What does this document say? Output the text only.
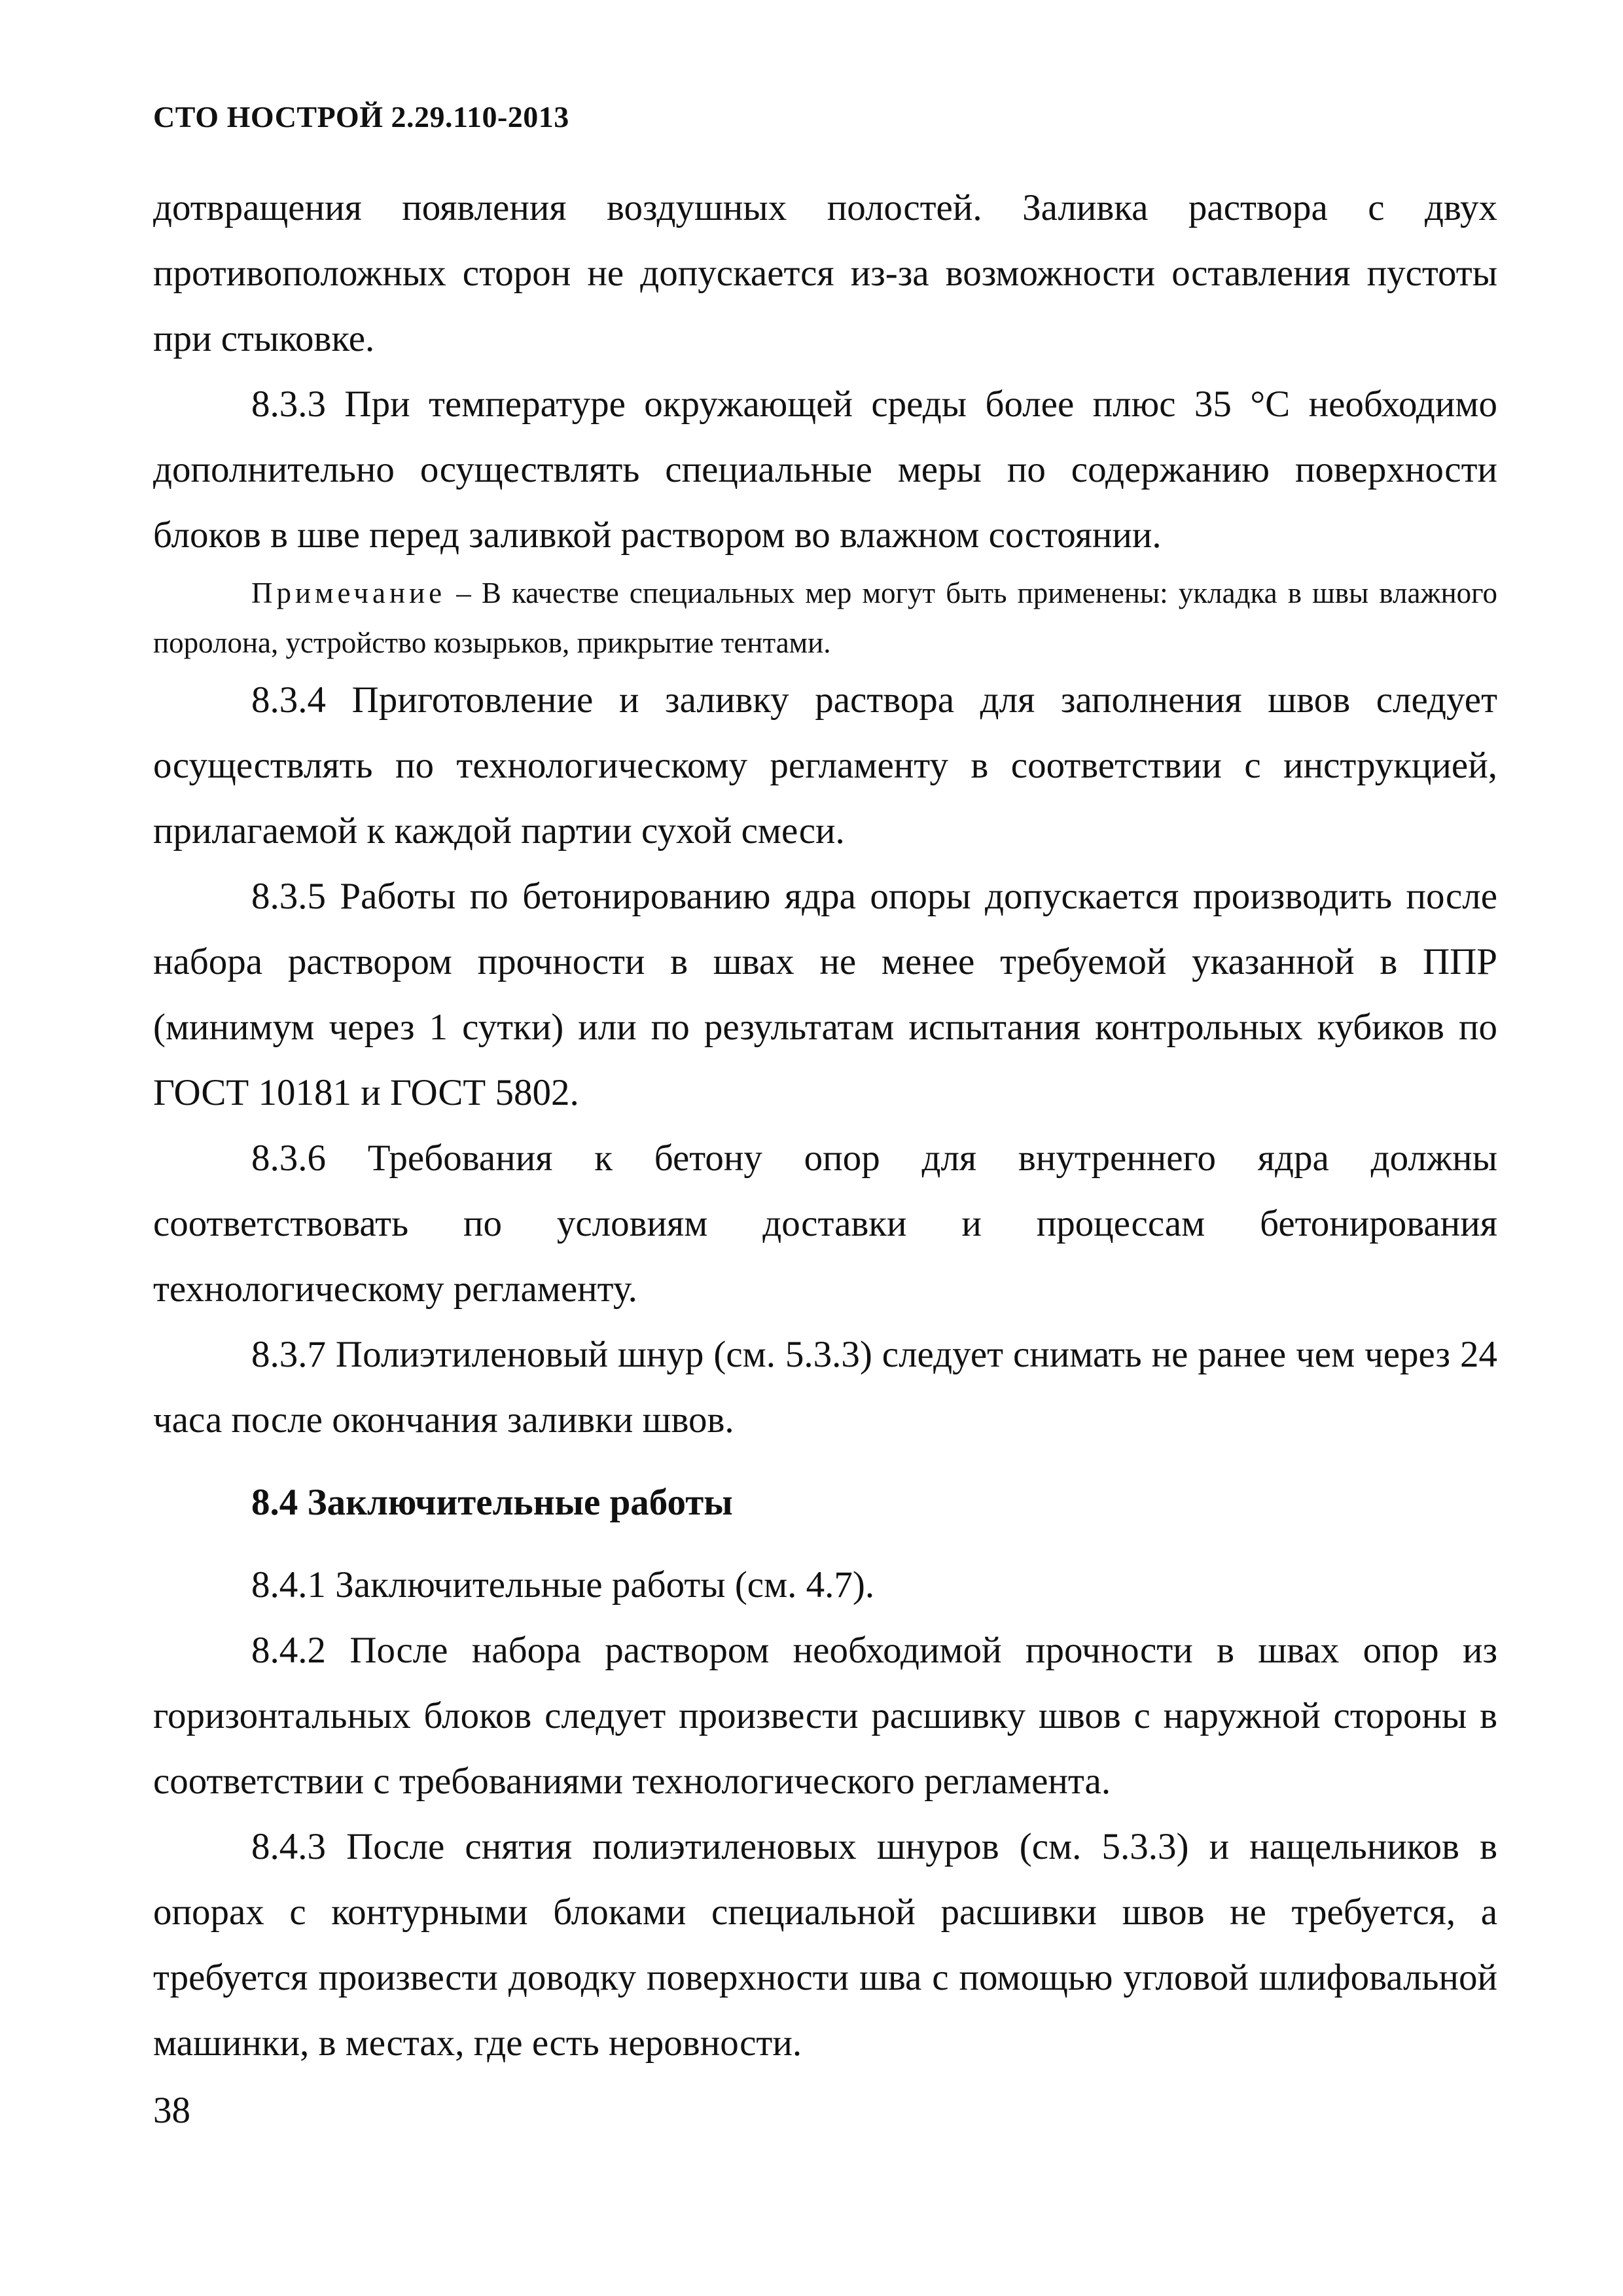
СТО НОСТРОЙ 2.29.110-2013

дотвращения появления воздушных полостей. Заливка раствора с двух противоположных сторон не допускается из-за возможности оставления пустоты при стыковке.

8.3.3 При температуре окружающей среды более плюс 35 °С необходимо дополнительно осуществлять специальные меры по содержанию поверхности блоков в шве перед заливкой раствором во влажном состоянии.

Примечание – В качестве специальных мер могут быть применены: укладка в швы влажного поролона, устройство козырьков, прикрытие тентами.

8.3.4 Приготовление и заливку раствора для заполнения швов следует осуществлять по технологическому регламенту в соответствии с инструкцией, прилагаемой к каждой партии сухой смеси.

8.3.5 Работы по бетонированию ядра опоры допускается производить после набора раствором прочности в швах не менее требуемой указанной в ППР (минимум через 1 сутки) или по результатам испытания контрольных кубиков по ГОСТ 10181 и ГОСТ 5802.

8.3.6 Требования к бетону опор для внутреннего ядра должны соответствовать по условиям доставки и процессам бетонирования технологическому регламенту.

8.3.7 Полиэтиленовый шнур (см. 5.3.3) следует снимать не ранее чем через 24 часа после окончания заливки швов.

8.4 Заключительные работы

8.4.1 Заключительные работы (см. 4.7).

8.4.2 После набора раствором необходимой прочности в швах опор из горизонтальных блоков следует произвести расшивку швов с наружной стороны в соответствии с требованиями технологического регламента.

8.4.3 После снятия полиэтиленовых шнуров (см. 5.3.3) и нащельников в опорах с контурными блоками специальной расшивки швов не требуется, а требуется произвести доводку поверхности шва с помощью угловой шлифовальной машинки, в местах, где есть неровности.

38
